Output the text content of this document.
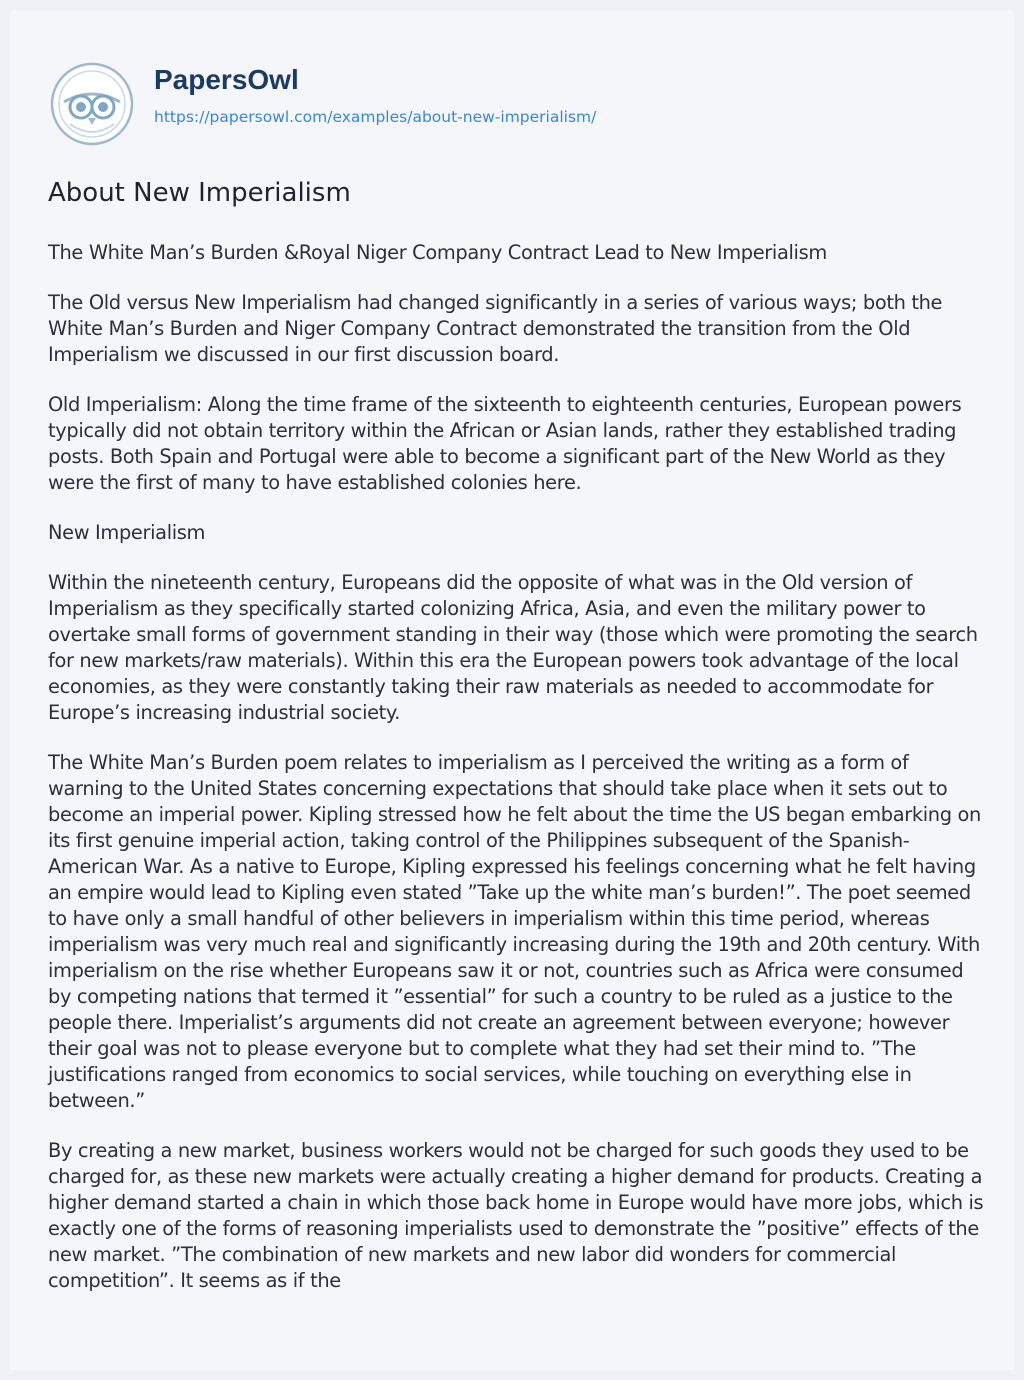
PapersOwl
https://papersowl.com/examples/about-new-imperialism/
About New Imperialism

The White Man’s Burden &Royal Niger Company Contract Lead to New Imperialism

The Old versus New Imperialism had changed significantly in a series of various ways; both the White Man’s Burden and Niger Company Contract demonstrated the transition from the Old Imperialism we discussed in our first discussion board.

Old Imperialism: Along the time frame of the sixteenth to eighteenth centuries, European powers typically did not obtain territory within the African or Asian lands, rather they established trading posts. Both Spain and Portugal were able to become a significant part of the New World as they were the first of many to have established colonies here.

New Imperialism

Within the nineteenth century, Europeans did the opposite of what was in the Old version of Imperialism as they specifically started colonizing Africa, Asia, and even the military power to overtake small forms of government standing in their way (those which were promoting the search for new markets/raw materials). Within this era the European powers took advantage of the local economies, as they were constantly taking their raw materials as needed to accommodate for Europe’s increasing industrial society.

The White Man’s Burden poem relates to imperialism as I perceived the writing as a form of warning to the United States concerning expectations that should take place when it sets out to become an imperial power. Kipling stressed how he felt about the time the US began embarking on its first genuine imperial action, taking control of the Philippines subsequent of the Spanish-American War. As a native to Europe, Kipling expressed his feelings concerning what he felt having an empire would lead to Kipling even stated ”Take up the white man’s burden!”. The poet seemed to have only a small handful of other believers in imperialism within this time period, whereas imperialism was very much real and significantly increasing during the 19th and 20th century. With imperialism on the rise whether Europeans saw it or not, countries such as Africa were consumed by competing nations that termed it ”essential” for such a country to be ruled as a justice to the people there. Imperialist’s arguments did not create an agreement between everyone; however their goal was not to please everyone but to complete what they had set their mind to. ”The justifications ranged from economics to social services, while touching on everything else in between.”

By creating a new market, business workers would not be charged for such goods they used to be charged for, as these new markets were actually creating a higher demand for products. Creating a higher demand started a chain in which those back home in Europe would have more jobs, which is exactly one of the forms of reasoning imperialists used to demonstrate the ”positive” effects of the new market. ”The combination of new markets and new labor did wonders for commercial competition”. It seems as if the
